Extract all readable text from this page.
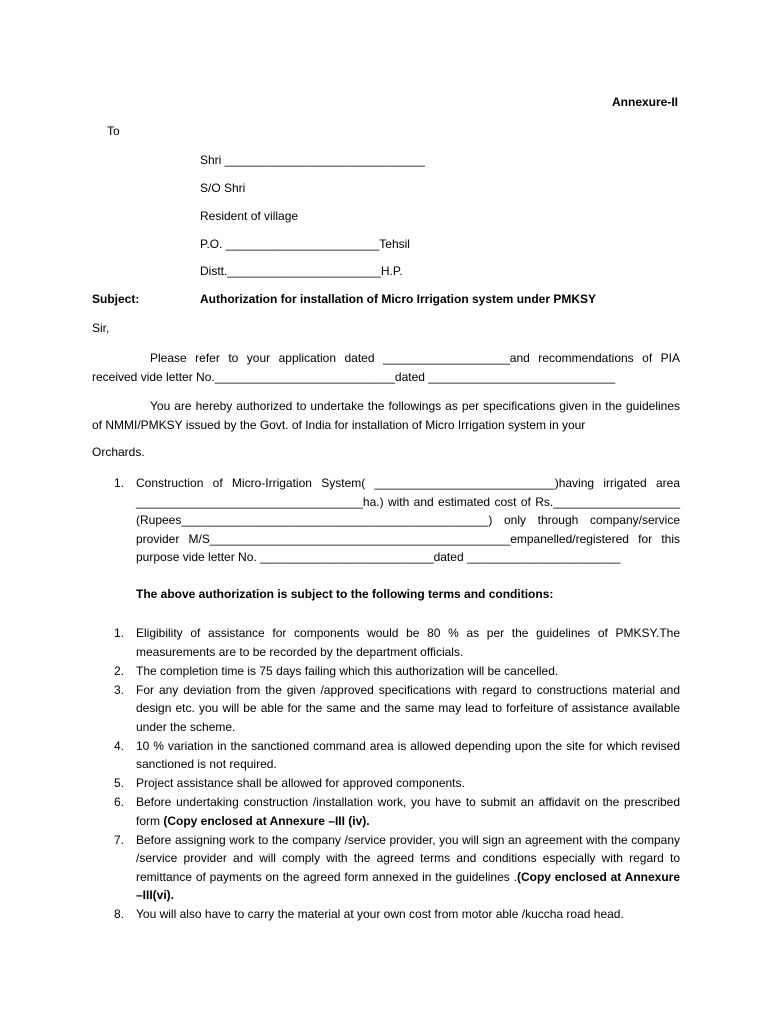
Annexure-II
To
Shri ______________________________
S/O Shri
Resident of village
P.O. _______________________Tehsil
Distt._______________________H.P.
Subject:	Authorization for installation of Micro Irrigation system under PMKSY
Sir,
Please refer to your application dated ___________________and recommendations of PIA received vide letter No.___________________________dated ____________________________
You are hereby authorized to undertake the followings as per specifications given in the guidelines of NMMI/PMKSY issued by the Govt. of India for installation of Micro Irrigation system in your
Orchards.
1. Construction of Micro-Irrigation System( ___________________________)having irrigated area __________________________________ha.) with and estimated cost of Rs.___________________ (Rupees______________________________________________) only through company/service provider M/S_____________________________________________empanelled/registered for this purpose vide letter No. __________________________dated _______________________
The above authorization is subject to the following terms and conditions:
1. Eligibility of assistance for components would be 80 % as per the guidelines of PMKSY.The measurements are to be recorded by the department officials.
2. The completion time is 75 days failing which this authorization will be cancelled.
3. For any deviation from the given /approved specifications with regard to constructions material and design etc. you will be able for the same and the same may lead to forfeiture of assistance available under the scheme.
4. 10 % variation in the sanctioned command area is allowed depending upon the site for which revised sanctioned is not required.
5. Project assistance shall be allowed for approved components.
6. Before undertaking construction /installation work, you have to submit an affidavit on the prescribed form (Copy enclosed at Annexure –III (iv).
7. Before assigning work to the company /service provider, you will sign an agreement with the company /service provider and will comply with the agreed terms and conditions especially with regard to remittance of payments on the agreed form annexed in the guidelines .(Copy enclosed at Annexure –III(vi).
8. You will also have to carry the material at your own cost from motor able /kuccha road head.
